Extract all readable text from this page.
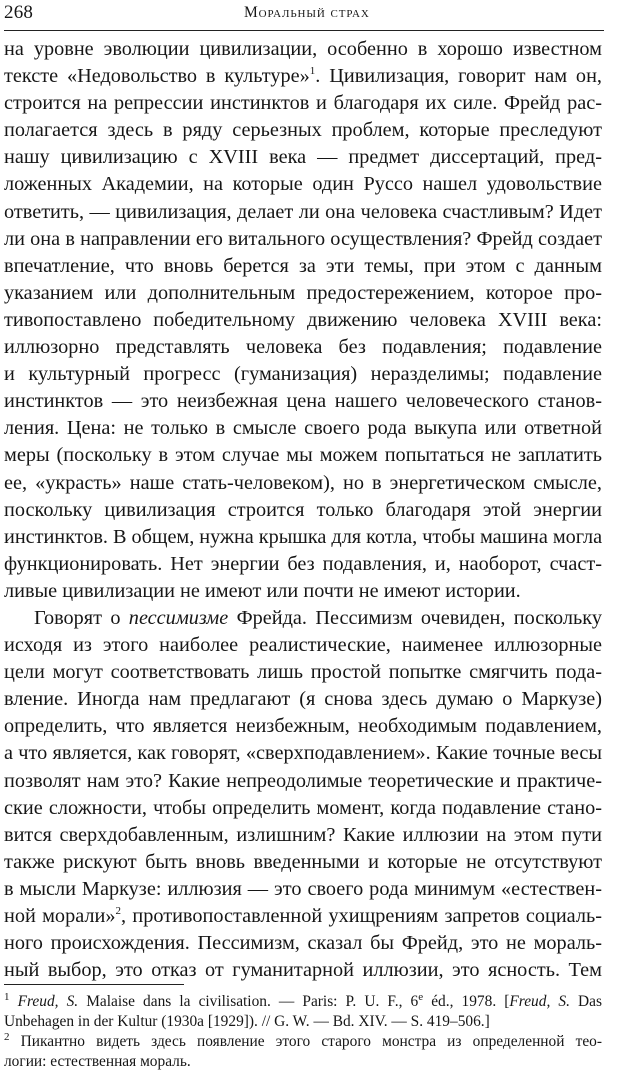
268	Моральный страх
на уровне эволюции цивилизации, особенно в хорошо известном
тексте «Недовольство в культуре»$^1$. Цивилизация, говорит нам он,
строится на репрессии инстинктов и благодаря их силе. Фрейд рас-
полагается здесь в ряду серьезных проблем, которые преследуют
нашу цивилизацию с XVIII века — предмет диссертаций, пред-
ложенных Академии, на которые один Руссо нашел удовольствие
ответить, — цивилизация, делает ли она человека счастливым? Идет
ли она в направлении его витального осуществления? Фрейд создает
впечатление, что вновь берется за эти темы, при этом с данным
указанием или дополнительным предостережением, которое про-
тивопоставлено победительному движению человека XVIII века:
иллюзорно представлять человека без подавления; подавление
и культурный прогресс (гуманизация) неразделимы; подавление
инстинктов — это неизбежная цена нашего человеческого станов-
ления. Цена: не только в смысле своего рода выкупа или ответной
меры (поскольку в этом случае мы можем попытаться не заплатить
ее, «украсть» наше стать-человеком), но в энергетическом смысле,
поскольку цивилизация строится только благодаря этой энергии
инстинктов. В общем, нужна крышка для котла, чтобы машина могла
функционировать. Нет энергии без подавления, и, наоборот, счаст-
ливые цивилизации не имеют или почти не имеют истории.
Говорят о пессимизме Фрейда. Пессимизм очевиден, поскольку
исходя из этого наиболее реалистические, наименее иллюзорные
цели могут соответствовать лишь простой попытке смягчить пода-
вление. Иногда нам предлагают (я снова здесь думаю о Маркузе)
определить, что является неизбежным, необходимым подавлением,
а что является, как говорят, «сверхподавлением». Какие точные весы
позволят нам это? Какие непреодолимые теоретические и практиче-
ские сложности, чтобы определить момент, когда подавление стано-
вится сверхдобавленным, излишним? Какие иллюзии на этом пути
также рискуют быть вновь введенными и которые не отсутствуют
в мысли Маркузе: иллюзия — это своего рода минимум «естествен-
ной морали»$^2$, противопоставленной ухищрениям запретов социаль-
ного происхождения. Пессимизм, сказал бы Фрейд, это не мораль-
ный выбор, это отказ от гуманитарной иллюзии, это ясность. Тем
$^1$ Freud, S. Malaise dans la civilisation. — Paris: P. U. F., 6e éd., 1978. [Freud, S. Das
Unbehagen in der Kultur (1930a [1929]). // G. W. — Bd. XIV. — S. 419–506.]
$^2$ Пикантно видеть здесь появление этого старого монстра из определенной тео-
логии: естественная мораль.
